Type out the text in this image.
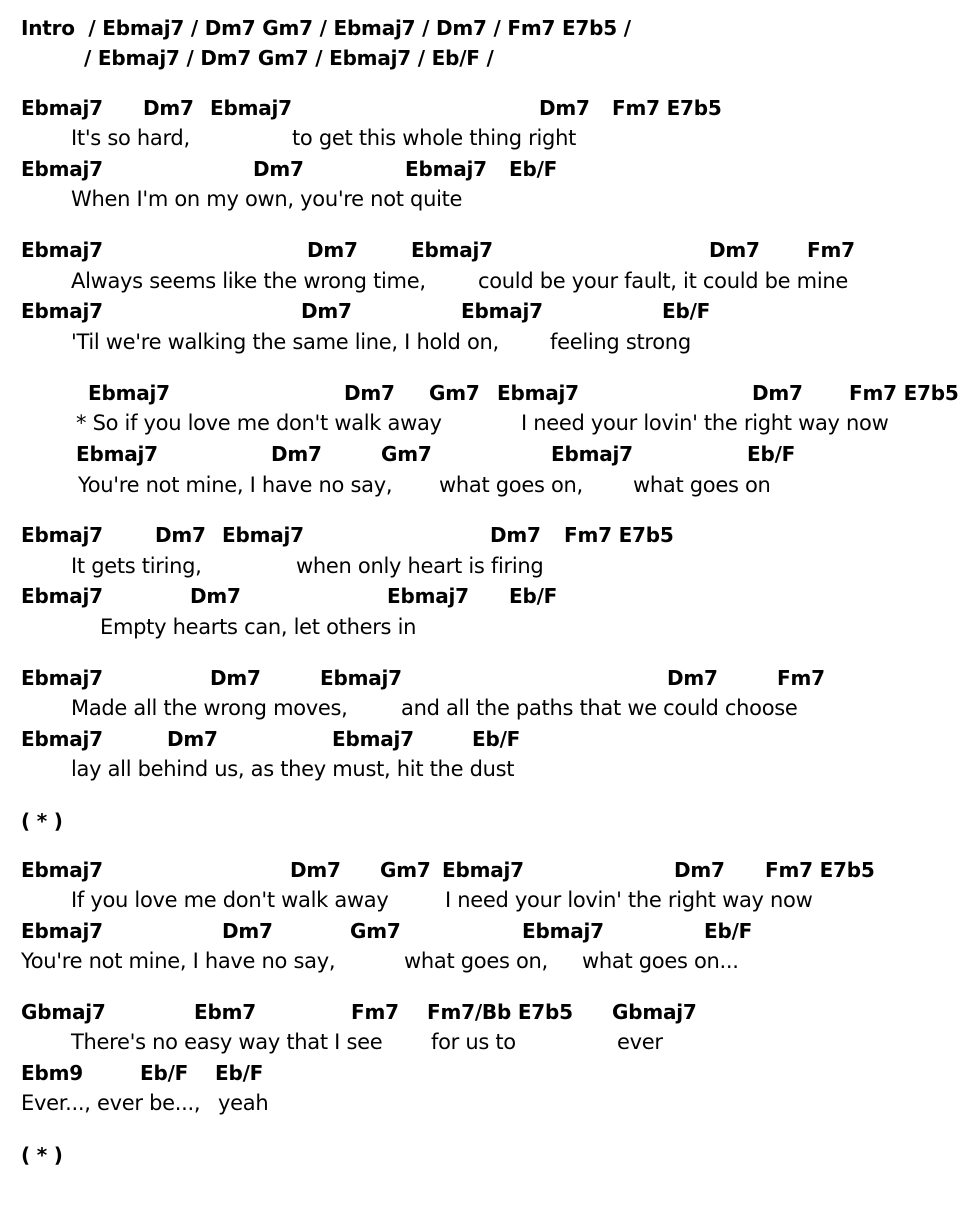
Intro  / Ebmaj7 / Dm7 Gm7 / Ebmaj7 / Dm7 / Fm7 E7b5 /
/ Ebmaj7 / Dm7 Gm7 / Ebmaj7 / Eb/F /
Ebmaj7 Dm7 Ebmaj7	Dm7 Fm7 E7b5
It's so hard,	to get this whole thing right
Ebmaj7	Dm7	Ebmaj7 Eb/F
When I'm on my own, you're not quite
Ebmaj7	Dm7	Ebmaj7	Dm7 Fm7
Always seems like the wrong time, could be your fault, it could be mine
Ebmaj7	Dm7	Ebmaj7	Eb/F
'Til we're walking the same line, I hold on, feeling strong
Ebmaj7	Dm7 Gm7 Ebmaj7	Dm7 Fm7 E7b5
* So if you love me don't walk away	I need your lovin' the right way now
Ebmaj7	Dm7	Gm7	Ebmaj7	Eb/F
You're not mine, I have no say, what goes on, what goes on
Ebmaj7	Dm7 Ebmaj7	Dm7 Fm7 E7b5
It gets tiring,	when only heart is firing
Ebmaj7	Dm7	Ebmaj7 Eb/F
Empty hearts can, let others in
Ebmaj7	Dm7	Ebmaj7	Dm7	Fm7
Made all the wrong moves,	and all the paths that we could choose
Ebmaj7	Dm7	Ebmaj7	Eb/F
lay all behind us, as they must, hit the dust
( * )
Ebmaj7	Dm7 Gm7 Ebmaj7	Dm7 Fm7 E7b5
If you love me don't walk away	I need your lovin' the right way now
Ebmaj7	Dm7	Gm7	Ebmaj7	Eb/F
You're not mine, I have no say,	what goes on, what goes on...
Gbmaj7	Ebm7	Fm7 Fm7/Bb E7b5 Gbmaj7
There's no easy way that I see for us to	ever
Ebm9	Eb/F Eb/F
Ever..., ever be..., yeah
( * )
